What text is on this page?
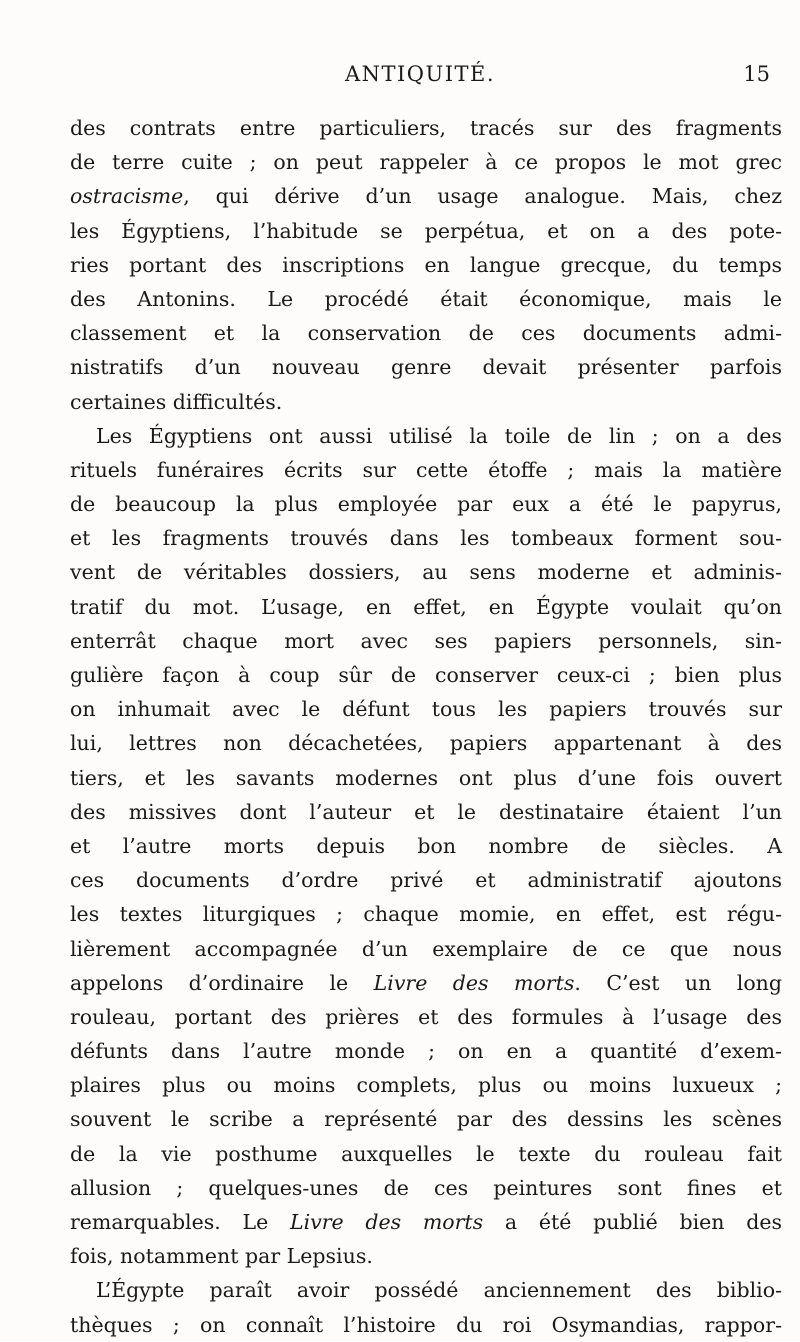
ANTIQUITÉ.	15
des contrats entre particuliers, tracés sur des fragments
de terre cuite ; on peut rappeler à ce propos le mot grec
ostracisme, qui dérive d’un usage analogue. Mais, chez
les Égyptiens, l’habitude se perpétua, et on a des pote-
ries portant des inscriptions en langue grecque, du temps
des Antonins. Le procédé était économique, mais le
classement et la conservation de ces documents admi-
nistratifs d’un nouveau genre devait présenter parfois
certaines difficultés.
Les Égyptiens ont aussi utilisé la toile de lin ; on a des
rituels funéraires écrits sur cette étoffe ; mais la matière
de beaucoup la plus employée par eux a été le papyrus,
et les fragments trouvés dans les tombeaux forment sou-
vent de véritables dossiers, au sens moderne et adminis-
tratif du mot. L’usage, en effet, en Égypte voulait qu’on
enterrât chaque mort avec ses papiers personnels, sin-
gulière façon à coup sûr de conserver ceux-ci ; bien plus
on inhumait avec le défunt tous les papiers trouvés sur
lui, lettres non décachetées, papiers appartenant à des
tiers, et les savants modernes ont plus d’une fois ouvert
des missives dont l’auteur et le destinataire étaient l’un
et l’autre morts depuis bon nombre de siècles. A
ces documents d’ordre privé et administratif ajoutons
les textes liturgiques ; chaque momie, en effet, est régu-
lièrement accompagnée d’un exemplaire de ce que nous
appelons d’ordinaire le Livre des morts. C’est un long
rouleau, portant des prières et des formules à l’usage des
défunts dans l’autre monde ; on en a quantité d’exem-
plaires plus ou moins complets, plus ou moins luxueux ;
souvent le scribe a représenté par des dessins les scènes
de la vie posthume auxquelles le texte du rouleau fait
allusion ; quelques-unes de ces peintures sont fines et
remarquables. Le Livre des morts a été publié bien des
fois, notamment par Lepsius.
L’Égypte paraît avoir possédé anciennement des biblio-
thèques ; on connaît l’histoire du roi Osymandias, rappor-
